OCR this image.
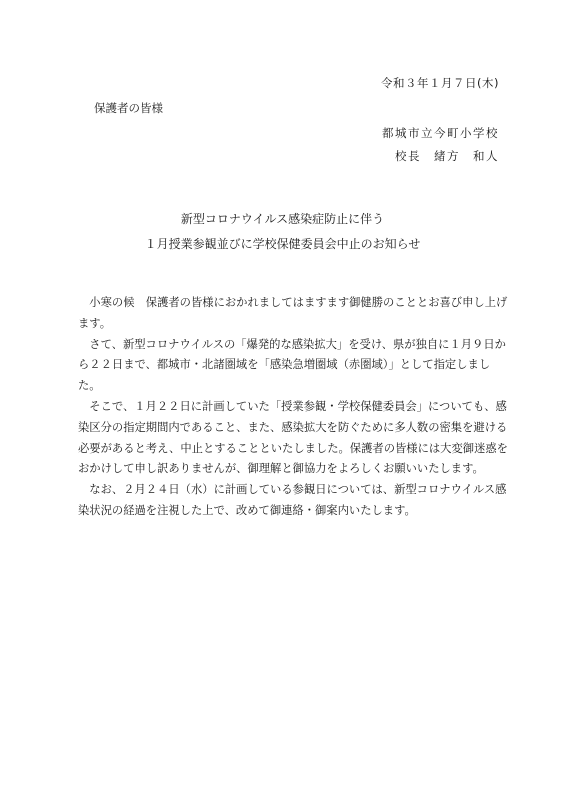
令和３年１月７日(木)
保護者の皆様
都城市立今町小学校
校長　緒方　和人
新型コロナウイルス感染症防止に伴う
１月授業参観並びに学校保健委員会中止のお知らせ

小寒の候　保護者の皆様におかれましてはますます御健勝のこととお喜び申し上げます。

さて、新型コロナウイルスの「爆発的な感染拡大」を受け、県が独自に１月９日から２２日まで、都城市・北諸圏域を「感染急増圏域（赤圏域）」として指定しました。

そこで、１月２２日に計画していた「授業参観・学校保健委員会」についても、感染区分の指定期間内であること、また、感染拡大を防ぐために多人数の密集を避ける必要があると考え、中止とすることといたしました。保護者の皆様には大変御迷惑をおかけして申し訳ありませんが、御理解と御協力をよろしくお願いいたします。

なお、２月２４日（水）に計画している参観日については、新型コロナウイルス感染状況の経過を注視した上で、改めて御連絡・御案内いたします。
